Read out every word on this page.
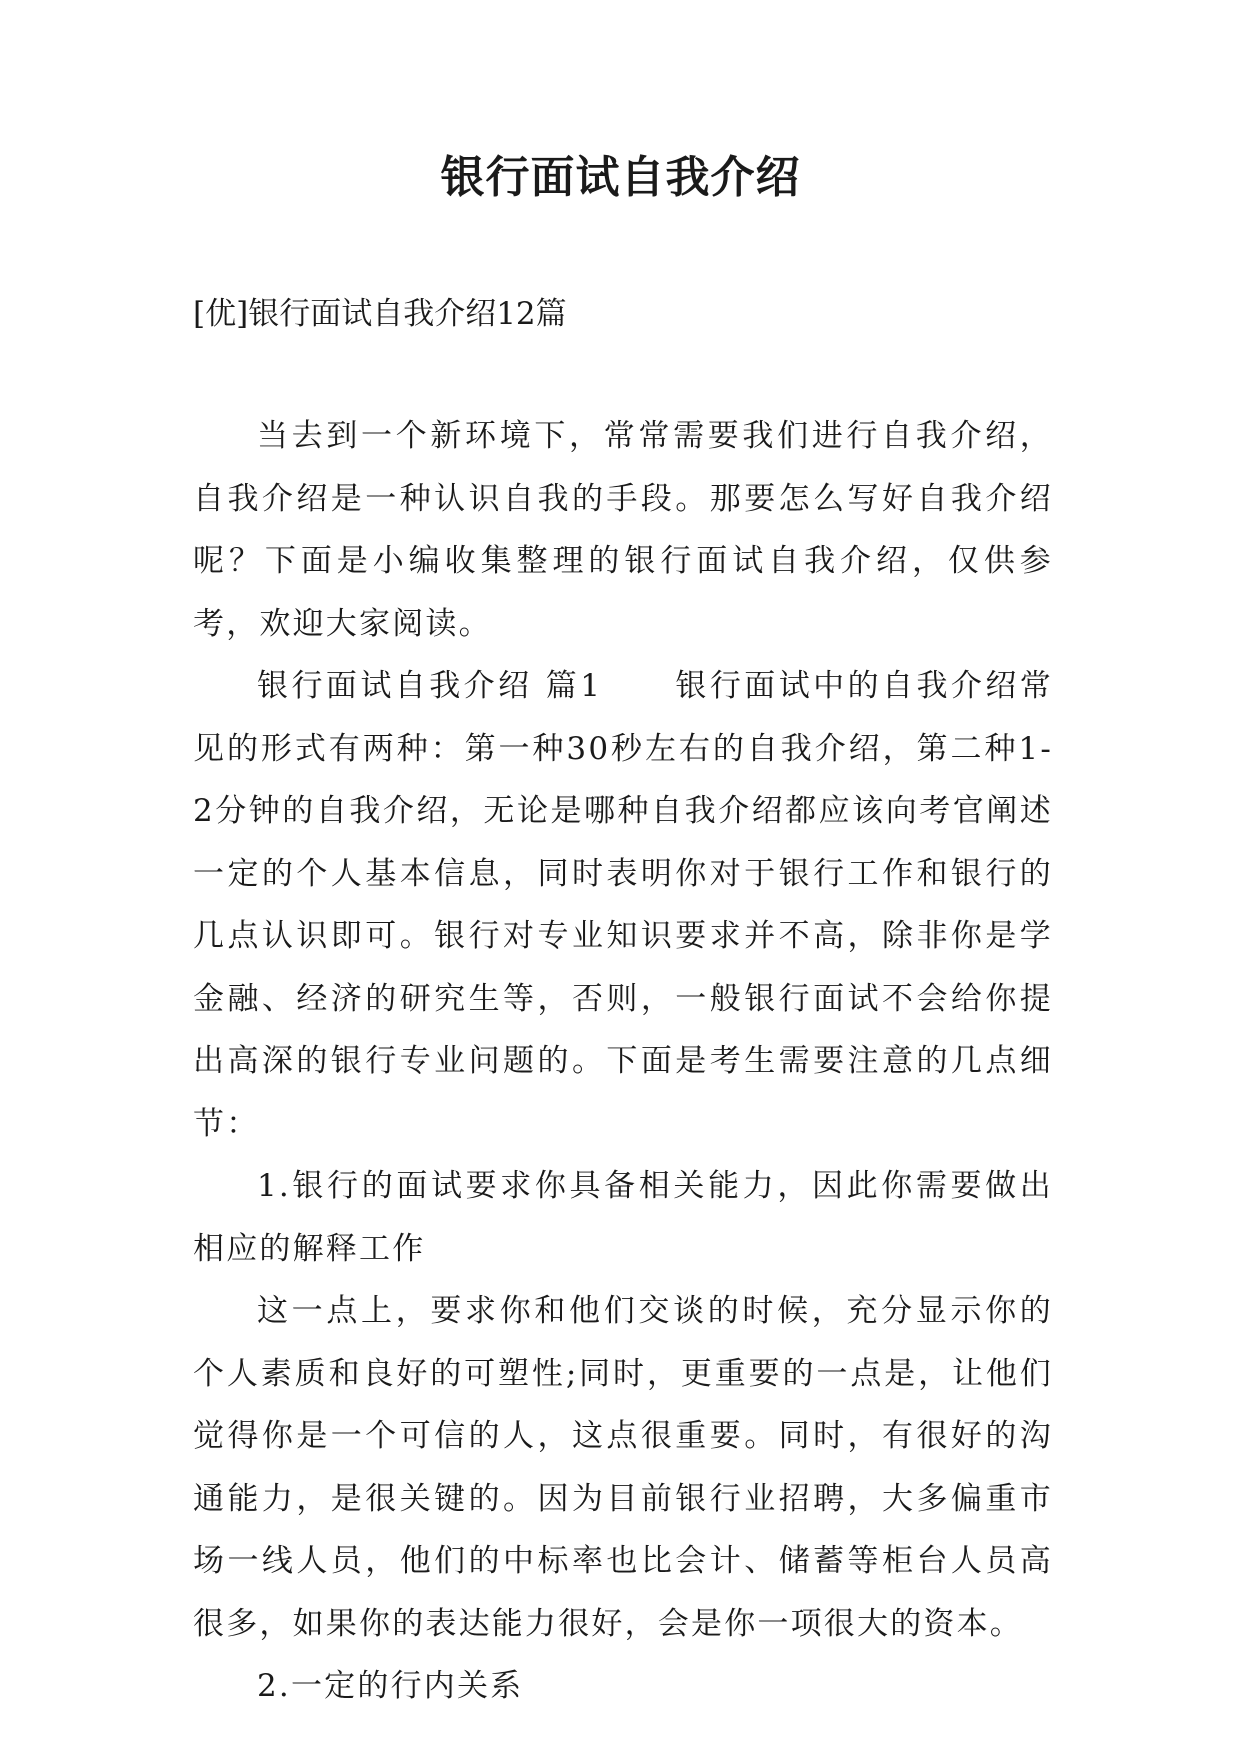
银行面试自我介绍

[优]银行面试自我介绍12篇

当去到一个新环境下，常常需要我们进行自我介绍，自我介绍是一种认识自我的手段。那要怎么写好自我介绍呢？下面是小编收集整理的银行面试自我介绍，仅供参考，欢迎大家阅读。

银行面试自我介绍 篇1 银行面试中的自我介绍常见的形式有两种：第一种30秒左右的自我介绍，第二种1-2分钟的自我介绍，无论是哪种自我介绍都应该向考官阐述一定的个人基本信息，同时表明你对于银行工作和银行的几点认识即可。银行对专业知识要求并不高，除非你是学金融、经济的研究生等，否则，一般银行面试不会给你提出高深的银行专业问题的。下面是考生需要注意的几点细节：

1.银行的面试要求你具备相关能力，因此你需要做出相应的解释工作

这一点上，要求你和他们交谈的时候，充分显示你的个人素质和良好的可塑性;同时，更重要的一点是，让他们觉得你是一个可信的人，这点很重要。同时，有很好的沟通能力，是很关键的。因为目前银行业招聘，大多偏重市场一线人员，他们的中标率也比会计、储蓄等柜台人员高很多，如果你的表达能力很好，会是你一项很大的资本。

2.一定的行内关系
